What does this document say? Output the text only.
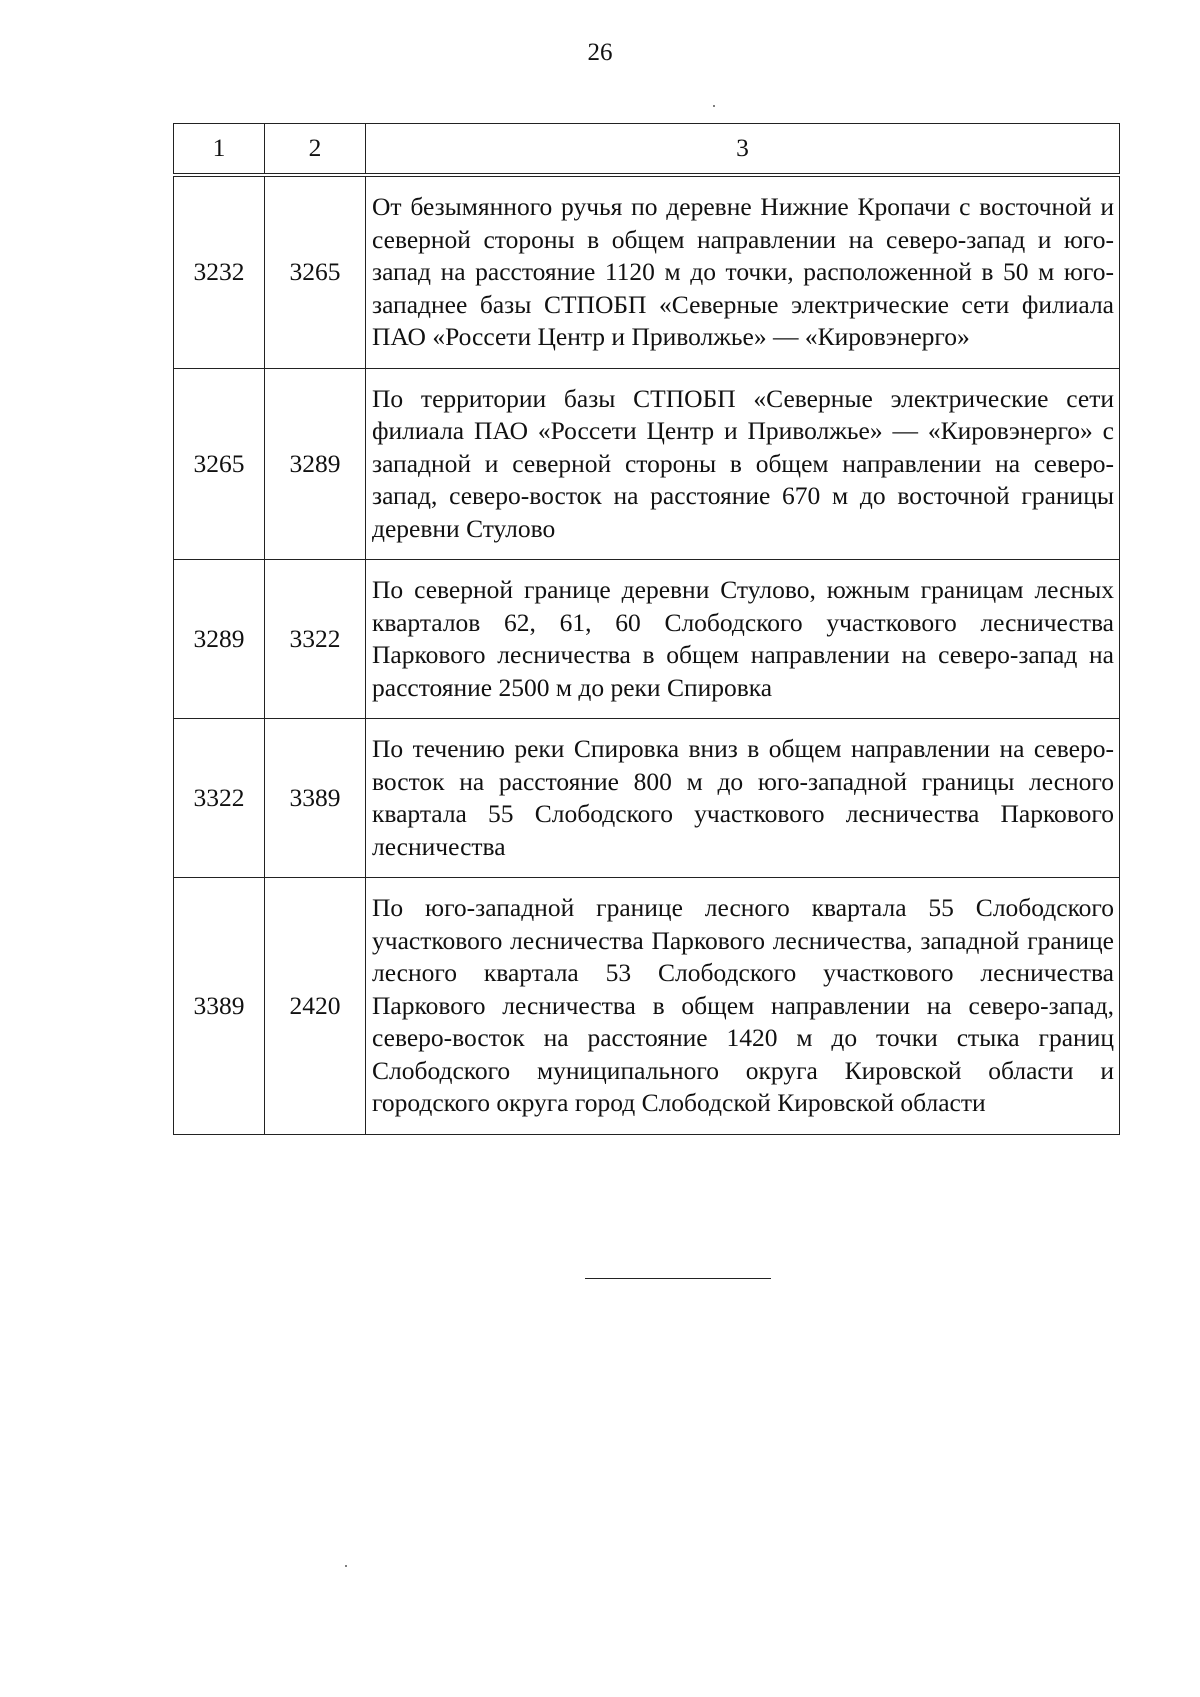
26
1	2	3
3232	3265	От безымянного ручья по деревне Нижние Кропачи с восточной и северной стороны в общем направлении на северо-запад и юго-запад на расстояние 1120 м до точки, расположенной в 50 м юго-западнее базы СТПОБП «Северные электрические сети филиала ПАО «Россети Центр и Приволжье» — «Кировэнерго»
3265	3289	По территории базы СТПОБП «Северные электрические сети филиала ПАО «Россети Центр и Приволжье» — «Кировэнерго» с западной и северной стороны в общем направлении на северо-запад, северо-восток на расстояние 670 м до восточной границы деревни Стулово
3289	3322	По северной границе деревни Стулово, южным границам лесных кварталов 62, 61, 60 Слободского участкового лесничества Паркового лесничества в общем направлении на северо-запад на расстояние 2500 м до реки Спировка
3322	3389	По течению реки Спировка вниз в общем направлении на северо-восток на расстояние 800 м до юго-западной границы лесного квартала 55 Слободского участкового лесничества Паркового лесничества
3389	2420	По юго-западной границе лесного квартала 55 Слободского участкового лесничества Паркового лесничества, западной границе лесного квартала 53 Слободского участкового лесничества Паркового лесничества в общем направлении на северо-запад, северо-восток на расстояние 1420 м до точки стыка границ Слободского муниципального округа Кировской области и городского округа город Слободской Кировской области
